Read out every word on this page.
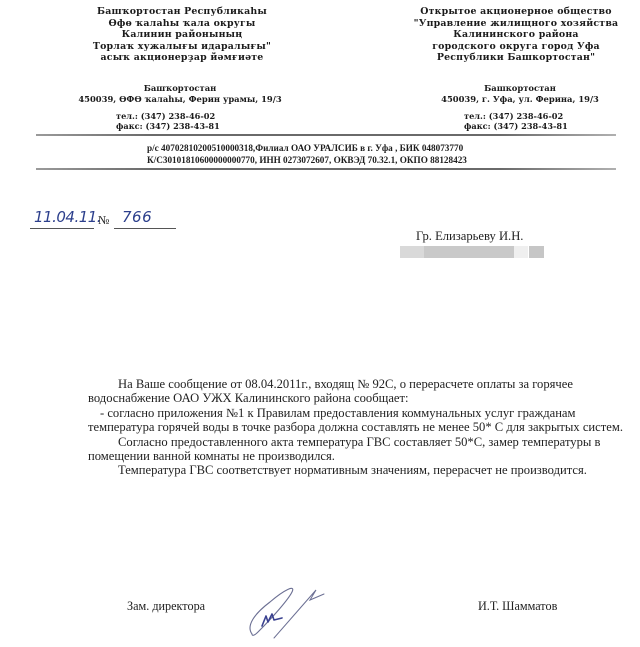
Башҡортостан Республикаһы
Өфө ҡалаһы ҡала округы
Калинин районының
Торлаҡ хужалығы идаралығы"
асыҡ акционерҙар йәмғиәте
Открытое акционерное общество
"Управление жилищного хозяйства
Калининского района
городского округа город Уфа
Республики Башкортостан"
Башҡортостан
450039, ӨФӨ ҡалаһы, Ферин урамы, 19/3
Башкортостан
450039, г. Уфа, ул. Ферина, 19/3
тел.: (347) 238-46-02
факс: (347) 238-43-81
тел.: (347) 238-46-02
факс: (347) 238-43-81
р/с 40702810200510000318,Филиал ОАО УРАЛСИБ в г. Уфа , БИК 048073770
К/С30101810600000000770, ИНН 0273072607, ОКВЭД 70.32.1, ОКПО 88128423
11.04.11.
№ 766
Гр. Елизарьеву И.Н.

На Ваше сообщение от 08.04.2011г., входящ № 92С, о перерасчете оплаты за горячее водоснабжение ОАО УЖХ Калининского района сообщает:

- согласно приложения №1 к Правилам предоставления коммунальных услуг гражданам температура горячей воды в точке разбора должна составлять не менее 50* С для закрытых систем.

Согласно предоставленного акта температура ГВС составляет 50*С, замер температуры в помещении ванной комнаты не производился.

Температура ГВС соответствует нормативным значениям, перерасчет не производится.

Зам. директора	И.Т. Шамматов
